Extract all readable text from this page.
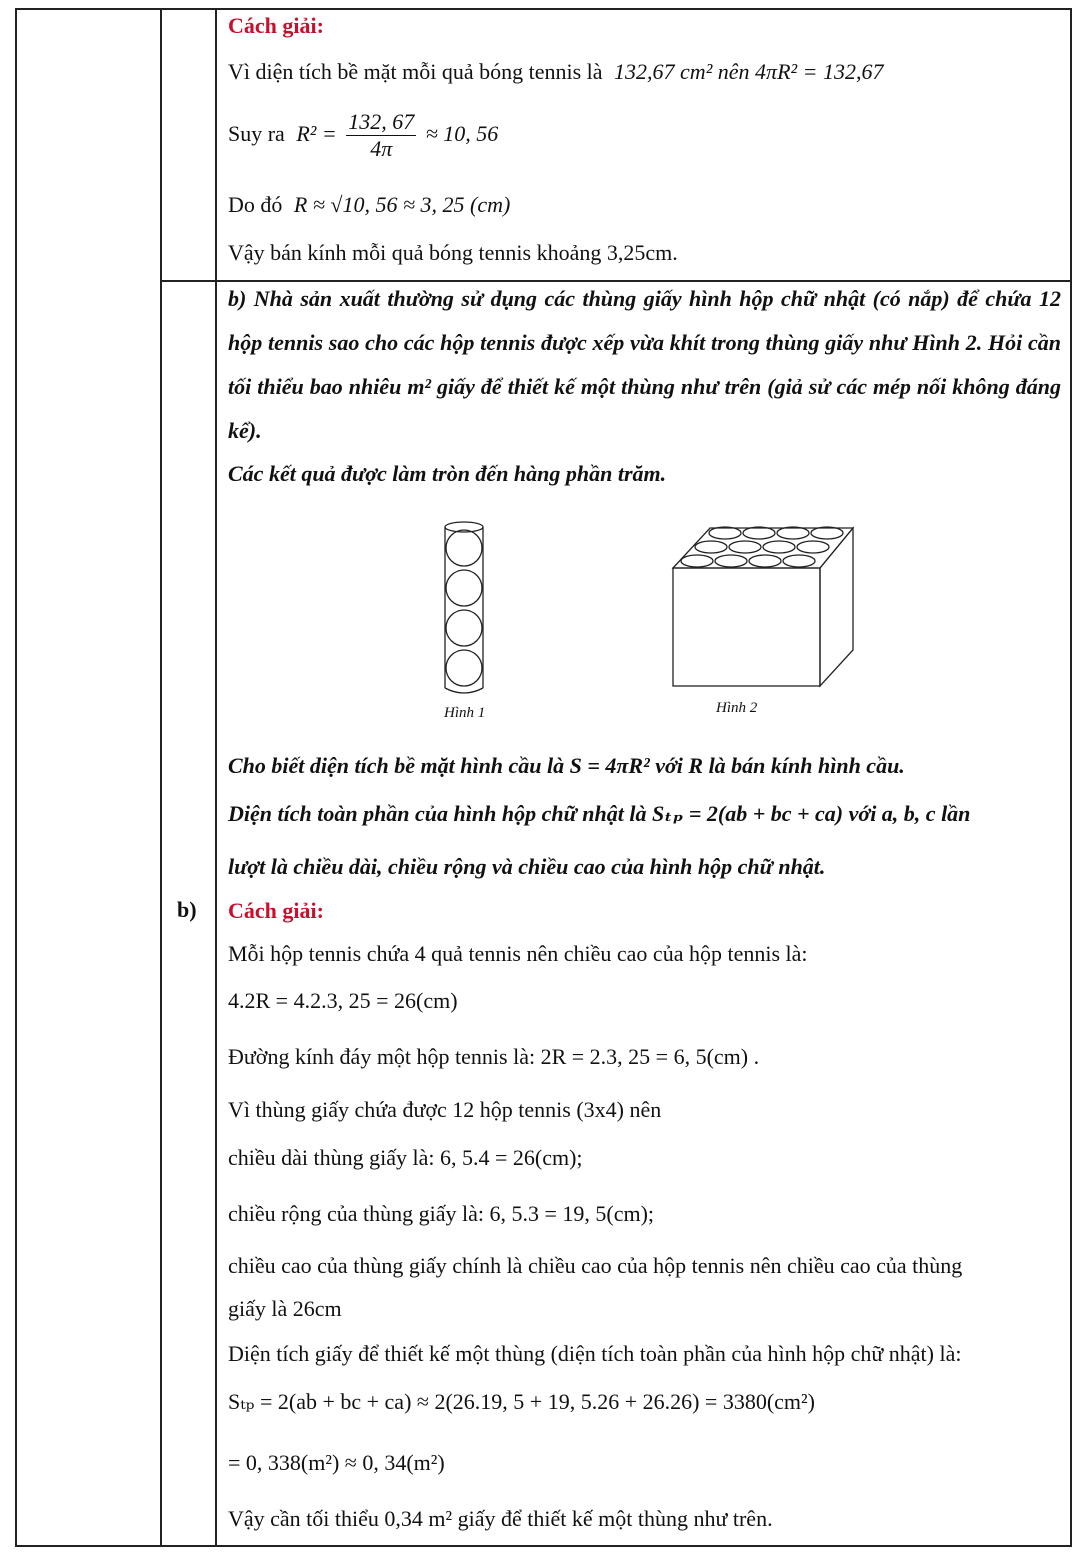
Cách giải:
Vì diện tích bề mặt mỗi quả bóng tennis là 132,67 cm² nên 4πR² = 132,67
Suy ra $R^2 = \frac{132, 67}{4\pi} \approx 10$, 56
Do đó R ≈ √10, 56 ≈ 3, 25 (cm)
Vậy bán kính mỗi quả bóng tennis khoảng 3,25cm.
b) Nhà sản xuất thường sử dụng các thùng giấy hình hộp chữ nhật (có nắp) để chứa 12 hộp tennis sao cho các hộp tennis được xếp vừa khít trong thùng giấy như Hình 2. Hỏi cần tối thiểu bao nhiêu m² giấy để thiết kế một thùng như trên (giả sử các mép nối không đáng kể).
Các kết quả được làm tròn đến hàng phần trăm.
Hình 1	Hình 2
Cho biết diện tích bề mặt hình cầu là S = 4πR² với R là bán kính hình cầu.
Diện tích toàn phần của hình hộp chữ nhật là Sₜₚ = 2(ab + bc + ca) với a, b, c lần
lượt là chiều dài, chiều rộng và chiều cao của hình hộp chữ nhật.
b) Cách giải:
Mỗi hộp tennis chứa 4 quả tennis nên chiều cao của hộp tennis là:
4.2R = 4.2.3, 25 = 26(cm)
Đường kính đáy một hộp tennis là: 2R = 2.3, 25 = 6, 5(cm) .
Vì thùng giấy chứa được 12 hộp tennis (3x4) nên
chiều dài thùng giấy là: 6, 5.4 = 26(cm);
chiều rộng của thùng giấy là: 6, 5.3 = 19, 5(cm);
chiều cao của thùng giấy chính là chiều cao của hộp tennis nên chiều cao của thùng
giấy là 26cm
Diện tích giấy để thiết kế một thùng (diện tích toàn phần của hình hộp chữ nhật) là:
Sₜₚ = 2(ab + bc + ca) ≈ 2(26.19, 5 + 19, 5.26 + 26.26) = 3380(cm²)
= 0, 338(m²) ≈ 0, 34(m²)
Vậy cần tối thiểu 0,34 m² giấy để thiết kế một thùng như trên.
